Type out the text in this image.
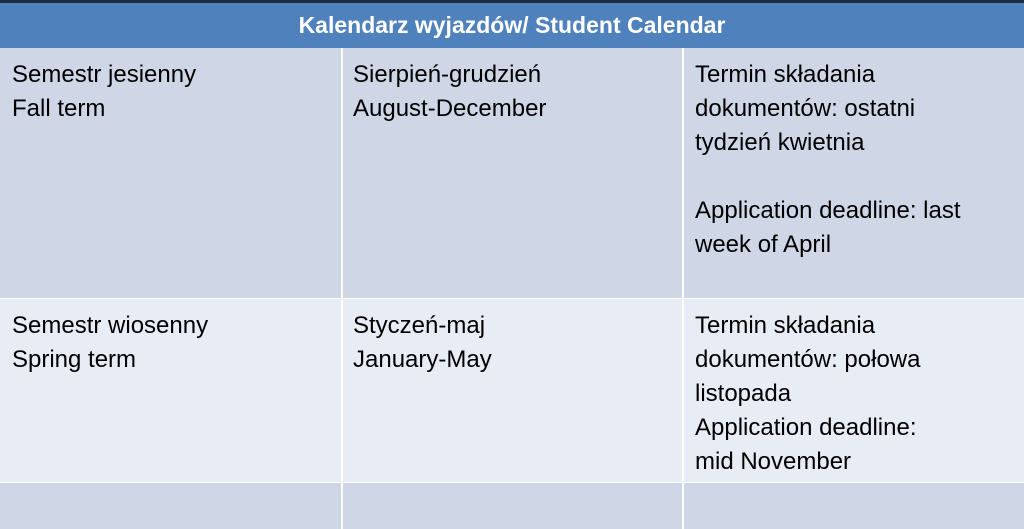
Kalendarz wyjazdów/ Student Calendar
Semestr jesienny
Fall term
Sierpień-grudzień
August-December
Termin składania
dokumentów: ostatni
tydzień kwietnia
Application deadline: last
week of April
Semestr wiosenny
Spring term
Styczeń-maj
January-May
Termin składania
dokumentów: połowa
listopada
Application deadline:
mid November
